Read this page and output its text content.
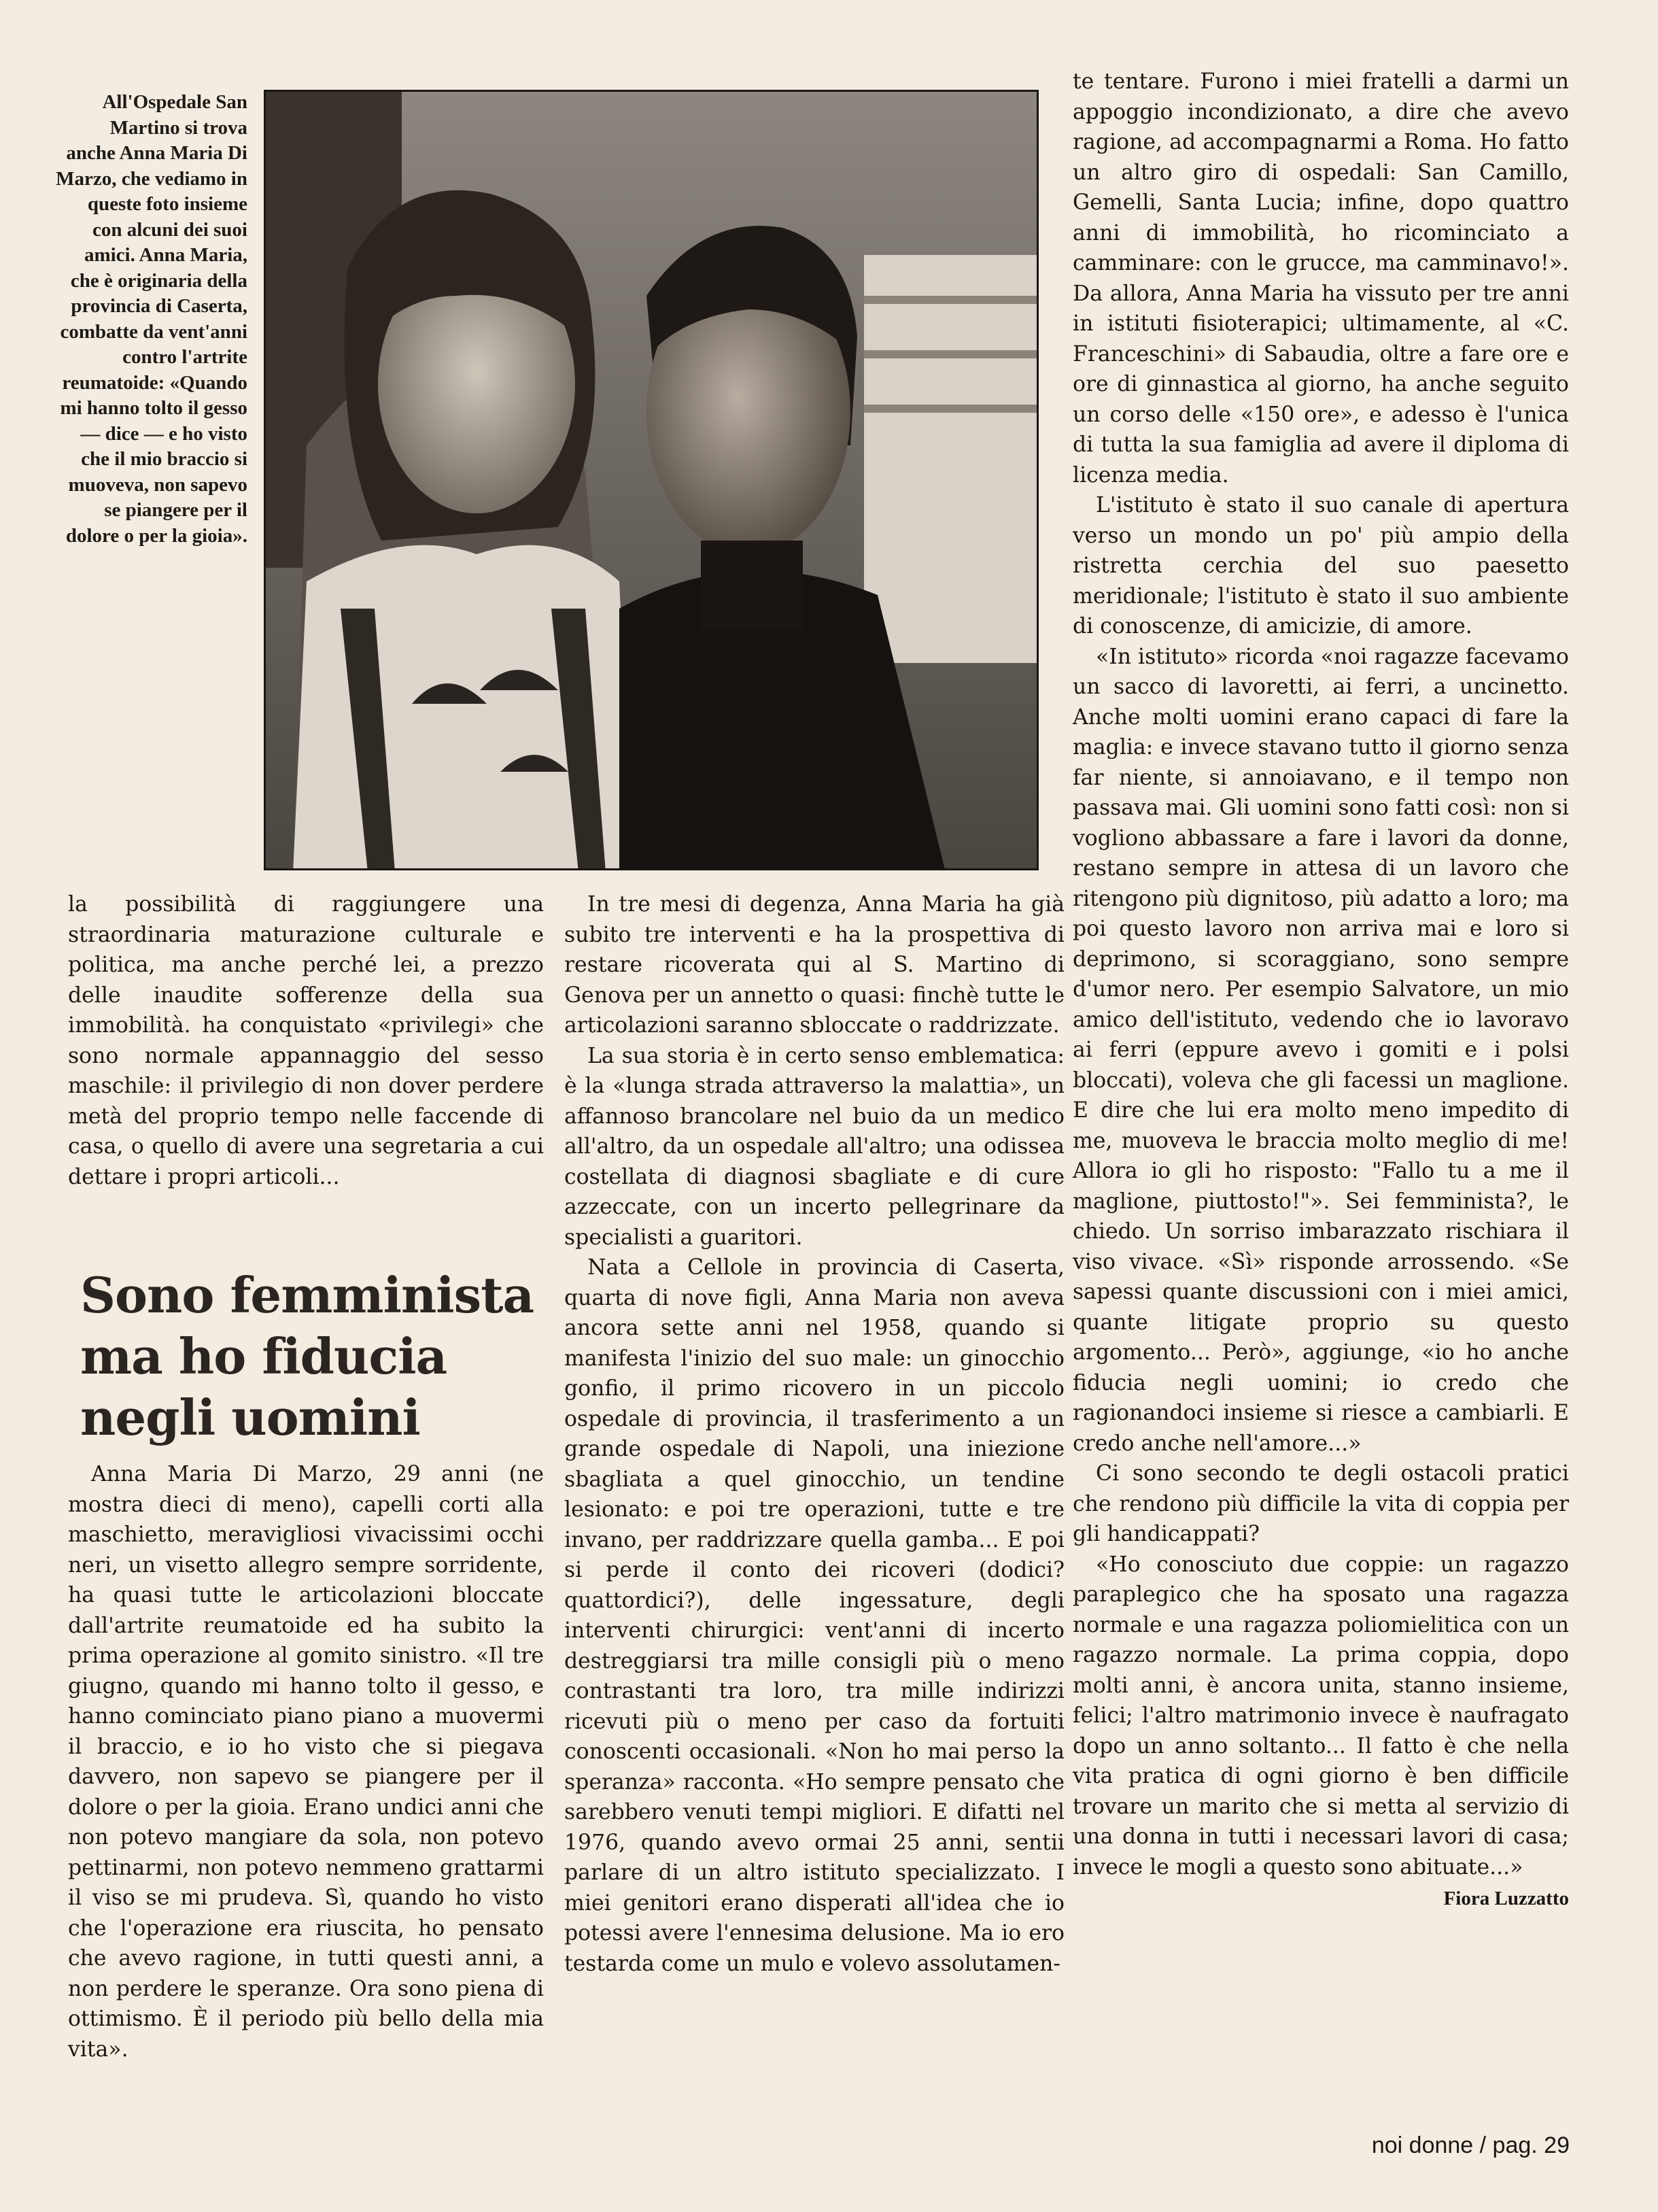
All'Ospedale San Martino si trova anche Anna Maria Di Marzo, che vediamo in queste foto insieme con alcuni dei suoi amici. Anna Maria, che è originaria della provincia di Caserta, combatte da vent'anni contro l'artrite reumatoide: «Quando mi hanno tolto il gesso — dice — e ho visto che il mio braccio si muoveva, non sapevo se piangere per il dolore o per la gioia».

te tentare. Furono i miei fratelli a darmi un appoggio incondizionato, a dire che avevo ragione, ad accompagnarmi a Roma. Ho fatto un altro giro di ospedali: San Camillo, Gemelli, Santa Lucia; infine, dopo quattro anni di immobilità, ho ricominciato a camminare: con le grucce, ma camminavo!». Da allora, Anna Maria ha vissuto per tre anni in istituti fisioterapici; ultimamente, al «C. Franceschini» di Sabaudia, oltre a fare ore e ore di ginnastica al giorno, ha anche seguito un corso delle «150 ore», e adesso è l'unica di tutta la sua famiglia ad avere il diploma di licenza media.

L'istituto è stato il suo canale di apertura verso un mondo un po' più ampio della ristretta cerchia del suo paesetto meridionale; l'istituto è stato il suo ambiente di conoscenze, di amicizie, di amore.

«In istituto» ricorda «noi ragazze facevamo un sacco di lavoretti, ai ferri, a uncinetto. Anche molti uomini erano capaci di fare la maglia: e invece stavano tutto il giorno senza far niente, si annoiavano, e il tempo non passava mai. Gli uomini sono fatti così: non si vogliono abbassare a fare i lavori da donne, restano sempre in attesa di un lavoro che ritengono più dignitoso, più adatto a loro; ma poi questo lavoro non arriva mai e loro si deprimono, si scoraggiano, sono sempre d'umor nero. Per esempio Salvatore, un mio amico dell'istituto, vedendo che io lavoravo ai ferri (eppure avevo i gomiti e i polsi bloccati), voleva che gli facessi un maglione. E dire che lui era molto meno impedito di me, muoveva le braccia molto meglio di me! Allora io gli ho risposto: "Fallo tu a me il maglione, piuttosto!"». Sei femminista?, le chiedo. Un sorriso imbarazzato rischiara il viso vivace. «Sì» risponde arrossendo. «Se sapessi quante discussioni con i miei amici, quante litigate proprio su questo argomento... Però», aggiunge, «io ho anche fiducia negli uomini; io credo che ragionandoci insieme si riesce a cambiarli. E credo anche nell'amore...»

Ci sono secondo te degli ostacoli pratici che rendono più difficile la vita di coppia per gli handicappati?

«Ho conosciuto due coppie: un ragazzo paraplegico che ha sposato una ragazza normale e una ragazza poliomielitica con un ragazzo normale. La prima coppia, dopo molti anni, è ancora unita, stanno insieme, felici; l'altro matrimonio invece è naufragato dopo un anno soltanto... Il fatto è che nella vita pratica di ogni giorno è ben difficile trovare un marito che si metta al servizio di una donna in tutti i necessari lavori di casa; invece le mogli a questo sono abituate...»

Fiora Luzzatto

la possibilità di raggiungere una straordinaria maturazione culturale e politica, ma anche perché lei, a prezzo delle inaudite sofferenze della sua immobilità. ha conquistato «privilegi» che sono normale appannaggio del sesso maschile: il privilegio di non dover perdere metà del proprio tempo nelle faccende di casa, o quello di avere una segretaria a cui dettare i propri articoli...

In tre mesi di degenza, Anna Maria ha già subito tre interventi e ha la prospettiva di restare ricoverata qui al S. Martino di Genova per un annetto o quasi: finchè tutte le articolazioni saranno sbloccate o raddrizzate.

La sua storia è in certo senso emblematica: è la «lunga strada attraverso la malattia», un affannoso brancolare nel buio da un medico all'altro, da un ospedale all'altro; una odissea costellata di diagnosi sbagliate e di cure azzeccate, con un incerto pellegrinare da specialisti a guaritori.

Nata a Cellole in provincia di Caserta, quarta di nove figli, Anna Maria non aveva ancora sette anni nel 1958, quando si manifesta l'inizio del suo male: un ginocchio gonfio, il primo ricovero in un piccolo ospedale di provincia, il trasferimento a un grande ospedale di Napoli, una iniezione sbagliata a quel ginocchio, un tendine lesionato: e poi tre operazioni, tutte e tre invano, per raddrizzare quella gamba... E poi si perde il conto dei ricoveri (dodici? quattordici?), delle ingessature, degli interventi chirurgici: vent'anni di incerto destreggiarsi tra mille consigli più o meno contrastanti tra loro, tra mille indirizzi ricevuti più o meno per caso da fortuiti conoscenti occasionali. «Non ho mai perso la speranza» racconta. «Ho sempre pensato che sarebbero venuti tempi migliori. E difatti nel 1976, quando avevo ormai 25 anni, sentii parlare di un altro istituto specializzato. I miei genitori erano disperati all'idea che io potessi avere l'ennesima delusione. Ma io ero testarda come un mulo e volevo assolutamen-

Sono femminista ma ho fiducia negli uomini

Anna Maria Di Marzo, 29 anni (ne mostra dieci di meno), capelli corti alla maschietto, meravigliosi vivacissimi occhi neri, un visetto allegro sempre sorridente, ha quasi tutte le articolazioni bloccate dall'artrite reumatoide ed ha subito la prima operazione al gomito sinistro. «Il tre giugno, quando mi hanno tolto il gesso, e hanno cominciato piano piano a muovermi il braccio, e io ho visto che si piegava davvero, non sapevo se piangere per il dolore o per la gioia. Erano undici anni che non potevo mangiare da sola, non potevo pettinarmi, non potevo nemmeno grattarmi il viso se mi prudeva. Sì, quando ho visto che l'operazione era riuscita, ho pensato che avevo ragione, in tutti questi anni, a non perdere le speranze. Ora sono piena di ottimismo. È il periodo più bello della mia vita».

noi donne / pag. 29
